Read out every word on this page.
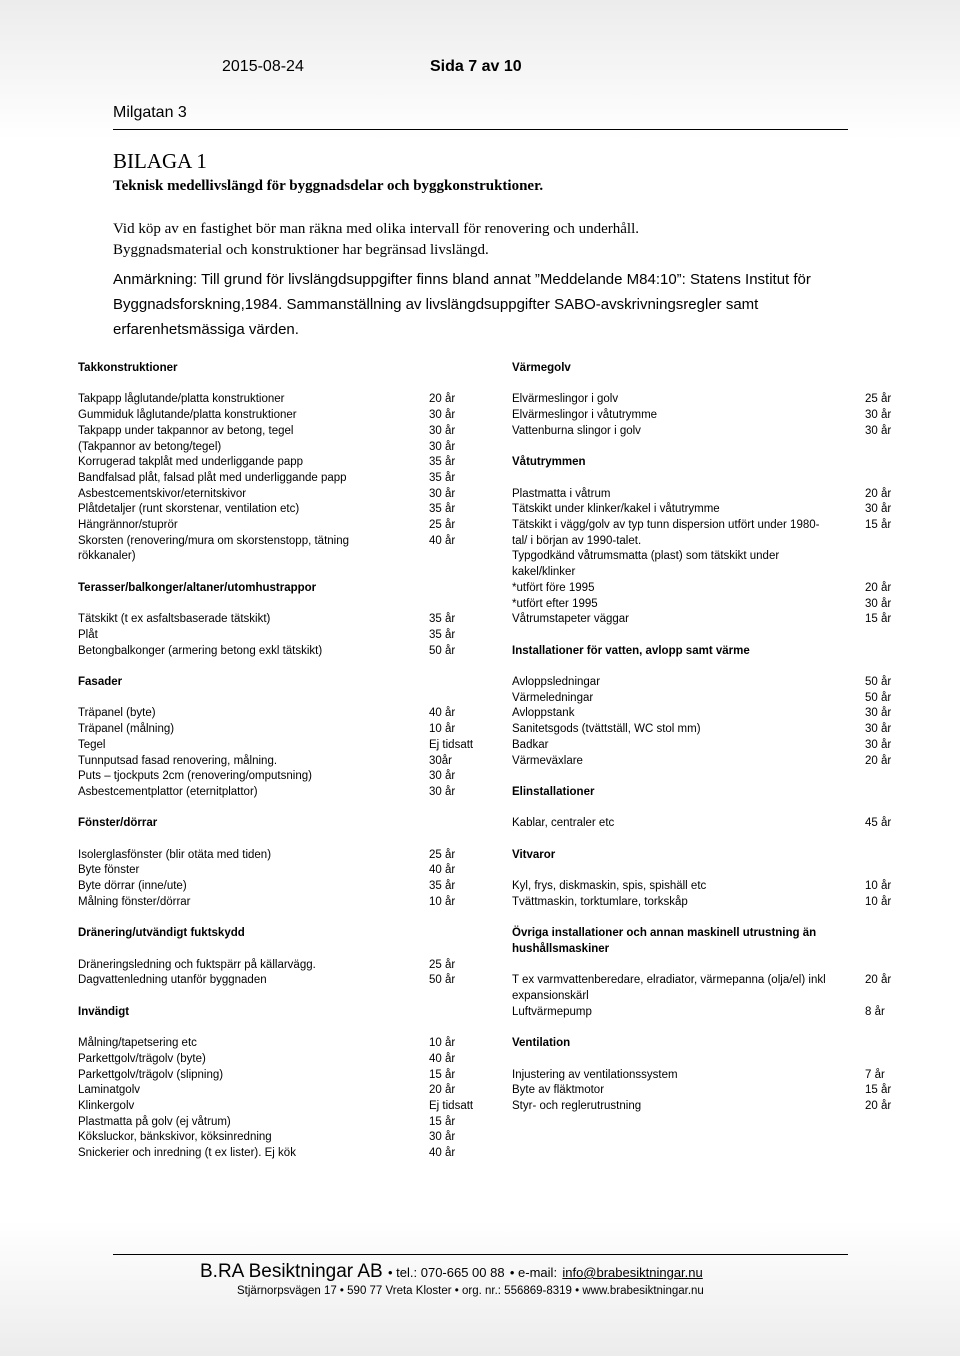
2015-08-24	Sida 7 av 10
Milgatan 3
BILAGA 1
Teknisk medellivslängd för byggnadsdelar och byggkonstruktioner.
Vid köp av en fastighet bör man räkna med olika intervall för renovering och underhåll.
Byggnadsmaterial och konstruktioner har begränsad livslängd.
Anmärkning: Till grund för livslängdsuppgifter finns bland annat ”Meddelande M84:10”: Statens Institut för Byggnadsforskning,1984. Sammanställning av livslängdsuppgifter SABO-avskrivningsregler samt erfarenhetsmässiga värden.
Takkonstruktioner
Takpapp låglutande/platta konstruktioner	20 år
Gummiduk låglutande/platta konstruktioner	30 år
Takpapp under takpannor av betong, tegel	30 år
(Takpannor av betong/tegel)	30 år
Korrugerad takplåt med underliggande papp	35 år
Bandfalsad plåt, falsad plåt med underliggande papp	35 år
Asbestcementskivor/eternitskivor	30 år
Plåtdetaljer (runt skorstenar, ventilation etc)	35 år
Hängrännor/stuprör	25 år
Skorsten (renovering/mura om skorstenstopp, tätning	40 år
rökkanaler)
Terasser/balkonger/altaner/utomhustrappor
Tätskikt (t ex asfaltsbaserade tätskikt)	35 år
Plåt	35 år
Betongbalkonger (armering betong exkl tätskikt)	50 år
Fasader
Träpanel (byte)	40 år
Träpanel (målning)	10 år
Tegel	Ej tidsatt
Tunnputsad fasad renovering, målning.	30år
Puts – tjockputs 2cm (renovering/omputsning)	30 år
Asbestcementplattor (eternitplattor)	30 år
Fönster/dörrar
Isolerglasfönster (blir otäta med tiden)	25 år
Byte fönster	40 år
Byte dörrar (inne/ute)	35 år
Målning fönster/dörrar	10 år
Dränering/utvändigt fuktskydd
Dräneringsledning och fuktspärr på källarvägg.	25 år
Dagvattenledning utanför byggnaden	50 år
Invändigt
Målning/tapetsering etc	10 år
Parkettgolv/trägolv (byte)	40 år
Parkettgolv/trägolv (slipning)	15 år
Laminatgolv	20 år
Klinkergolv	Ej tidsatt
Plastmatta på golv (ej våtrum)	15 år
Köksluckor, bänkskivor, köksinredning	30 år
Snickerier och inredning (t ex lister). Ej kök	40 år
Värmegolv
Elvärmeslingor i golv	25 år
Elvärmeslingor i våtutrymme	30 år
Vattenburna slingor i golv	30 år
Våtutrymmen
Plastmatta i våtrum	20 år
Tätskikt under klinker/kakel i våtutrymme	30 år
Tätskikt i vägg/golv av typ tunn dispersion utfört under 1980-	15 år
tal/ i början av 1990-talet.
Typgodkänd våtrumsmatta (plast) som tätskikt under
kakel/klinker
*utfört före 1995	20 år
*utfört efter 1995	30 år
Våtrumstapeter väggar	15 år
Installationer för vatten, avlopp samt värme
Avloppsledningar	50 år
Värmeledningar	50 år
Avloppstank	30 år
Sanitetsgods (tvättställ, WC stol mm)	30 år
Badkar	30 år
Värmeväxlare	20 år
Elinstallationer
Kablar, centraler etc	45 år
Vitvaror
Kyl, frys, diskmaskin, spis, spishäll etc	10 år
Tvättmaskin, torktumlare, torkskåp	10 år
Övriga installationer och annan maskinell utrustning än
hushållsmaskiner
T ex varmvattenberedare, elradiator, värmepanna (olja/el) inkl	20 år
expansionskärl
Luftvärmepump	8 år
Ventilation
Injustering av ventilationssystem	7 år
Byte av fläktmotor	15 år
Styr- och reglerutrustning	20 år
B.RA Besiktningar AB • tel.: 070-665 00 88 • e-mail: info@brabesiktningar.nu
Stjärnorpsvägen 17 • 590 77 Vreta Kloster • org. nr.: 556869-8319 • www.brabesiktningar.nu
